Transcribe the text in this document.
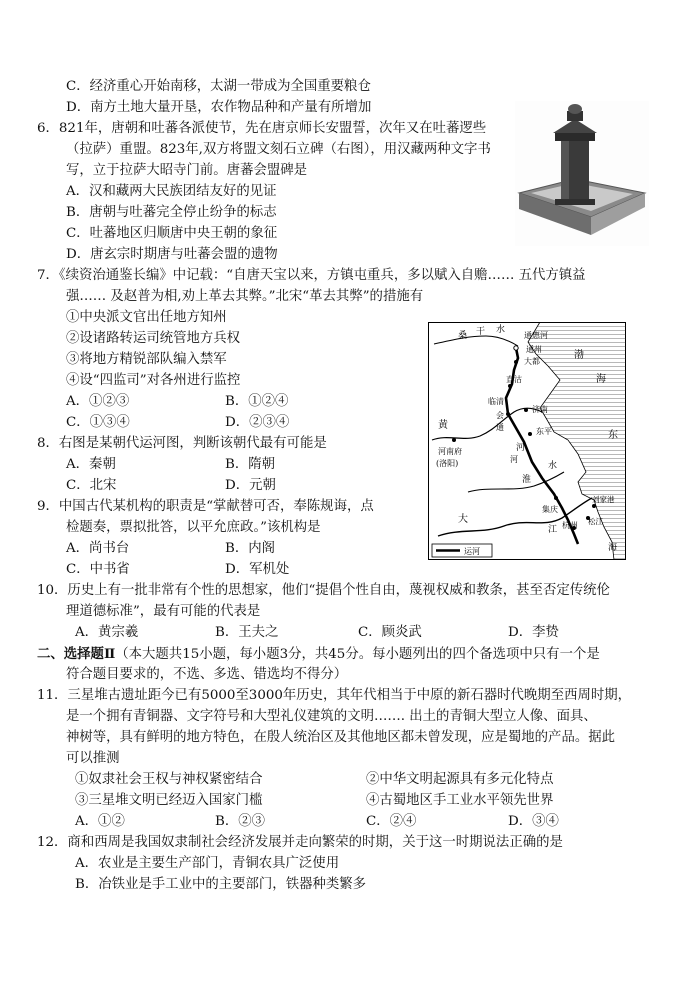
C．经济重心开始南移，太湖一带成为全国重要粮仓
D．南方土地大量开垦，农作物品种和产量有所增加
6．821年，唐朝和吐蕃各派使节，先在唐京师长安盟誓，次年又在吐蕃逻些
（拉萨）重盟。823年,双方将盟文刻石立碑（右图），用汉藏两种文字书
写，立于拉萨大昭寺门前。唐蕃会盟碑是
A．汉和藏两大民族团结友好的见证
B．唐朝与吐蕃完全停止纷争的标志
C．吐蕃地区归顺唐中央王朝的象征
D．唐玄宗时期唐与吐蕃会盟的遗物
7．《续资治通鉴长编》中记载：“自唐天宝以来，方镇屯重兵，多以赋入自赡…… 五代方镇益
强…… 及赵普为相,劝上革去其弊。”北宋“革去其弊”的措施有
①中央派文官出任地方知州
②设诸路转运司统管地方兵权
③将地方精锐部队编入禁军
④设“四监司”对各州进行监控
A．①②③	B．①②④
C．①③④	D．②③④
8．右图是某朝代运河图，判断该朝代最有可能是
A．秦朝	B．隋朝
C．北宋	D．元朝
9．中国古代某机构的职责是“掌献替可否，奉陈规诲，点
检题奏，票拟批答，以平允庶政。”该机构是
A．尚书台	B．内阁
C．中书省	D．军机处
桑 干 水
通惠河
通州
大都
直沽
渤
海
临清
济南
东平
会
通
河
黄
河南府
(洛阳)
河
东
淮
水
集庆
江
刘家港
松江
杭州
大
海
运河
10．历史上有一批非常有个性的思想家，他们“提倡个性自由，蔑视权威和教条，甚至否定传统伦
理道德标准”，最有可能的代表是
A．黄宗羲	B．王夫之	C．顾炎武	D．李贽
二、选择题Ⅱ（本大题共15小题，每小题3分，共45分。每小题列出的四个备选项中只有一个是
符合题目要求的，不选、多选、错选均不得分）
11．三星堆古遗址距今已有5000至3000年历史，其年代相当于中原的新石器时代晚期至西周时期，
是一个拥有青铜器、文字符号和大型礼仪建筑的文明……. 出土的青铜大型立人像、面具、
神树等，具有鲜明的地方特色，在殷人统治区及其他地区都未曾发现，应是蜀地的产品。据此
可以推测
①奴隶社会王权与神权紧密结合	②中华文明起源具有多元化特点
③三星堆文明已经迈入国家门槛	④古蜀地区手工业水平领先世界
A．①②	B．②③	C．②④	D．③④
12．商和西周是我国奴隶制社会经济发展并走向繁荣的时期，关于这一时期说法正确的是
A．农业是主要生产部门，青铜农具广泛使用
B．冶铁业是手工业中的主要部门，铁器种类繁多
